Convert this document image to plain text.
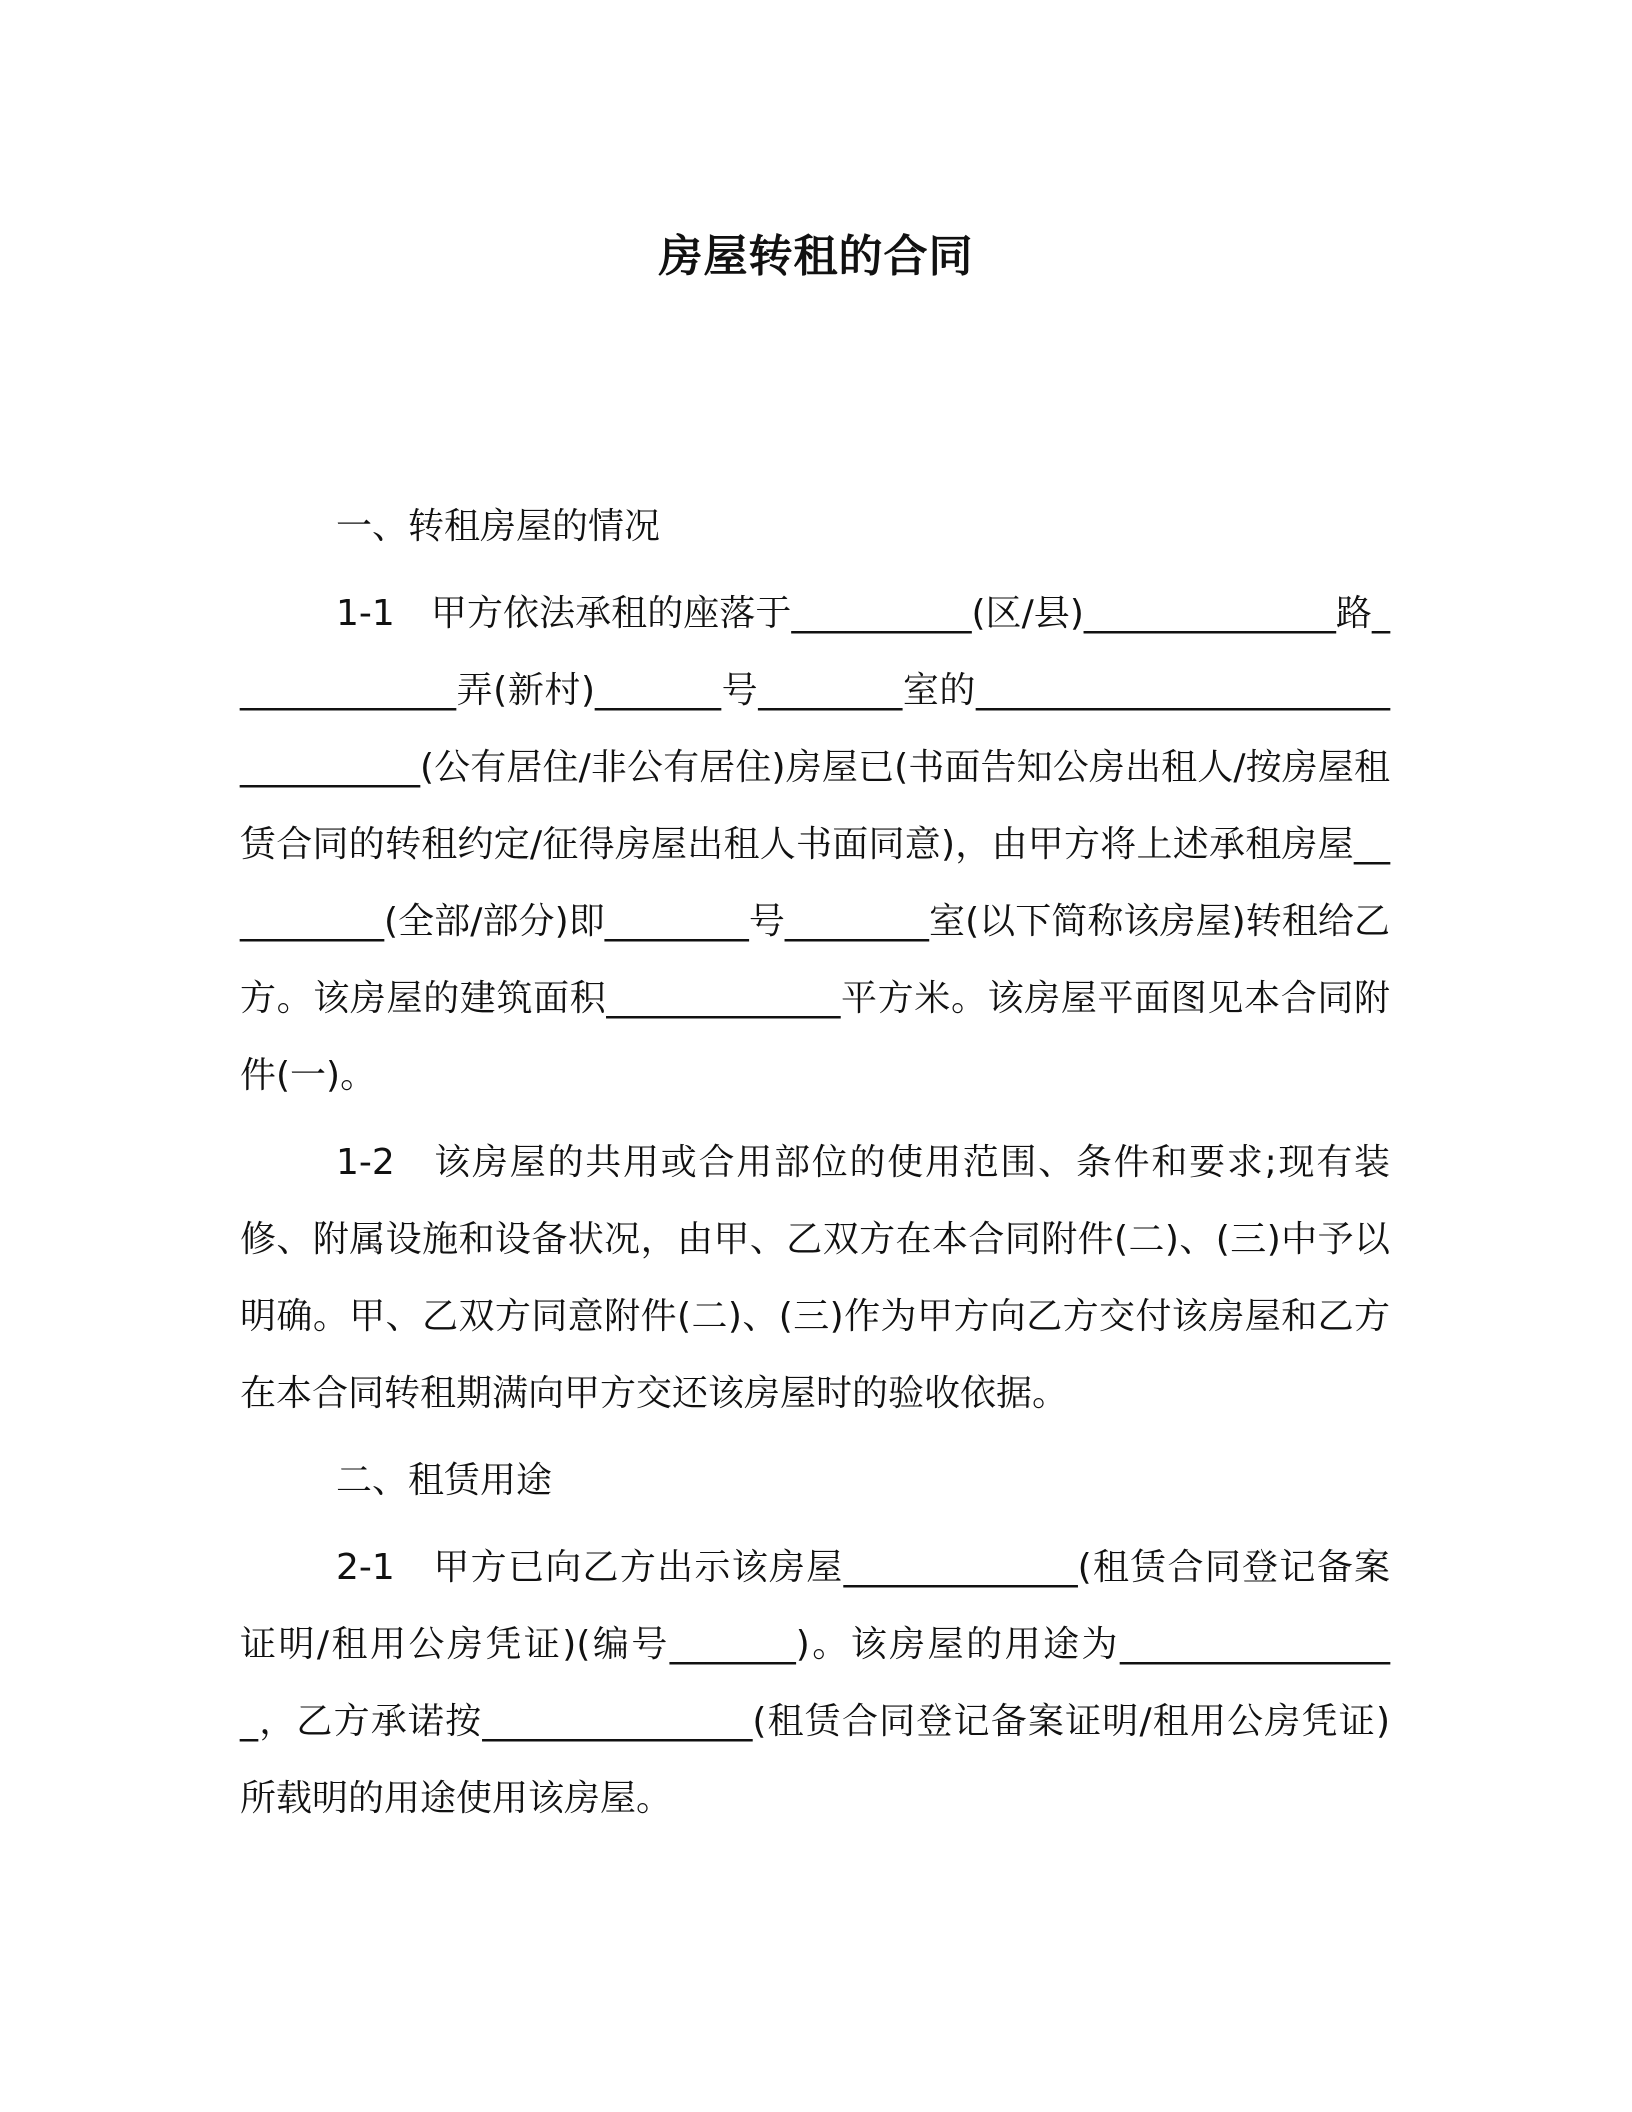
房屋转租的合同

一、转租房屋的情况

1-1　甲方依法承租的座落于__________(区/县)______________路_____________弄(新村)_______号________室的_________________________________(公有居住/非公有居住)房屋已(书面告知公房出租人/按房屋租赁合同的转租约定/征得房屋出租人书面同意)，由甲方将上述承租房屋__________(全部/部分)即________号________室(以下简称该房屋)转租给乙方。该房屋的建筑面积_____________平方米。该房屋平面图见本合同附件(一)。

1-2　该房屋的共用或合用部位的使用范围、条件和要求;现有装修、附属设施和设备状况，由甲、乙双方在本合同附件(二)、(三)中予以明确。甲、乙双方同意附件(二)、(三)作为甲方向乙方交付该房屋和乙方在本合同转租期满向甲方交还该房屋时的验收依据。

二、租赁用途

2-1　甲方已向乙方出示该房屋_____________(租赁合同登记备案证明/租用公房凭证)(编号_______)。该房屋的用途为________________，乙方承诺按_______________(租赁合同登记备案证明/租用公房凭证)所载明的用途使用该房屋。
